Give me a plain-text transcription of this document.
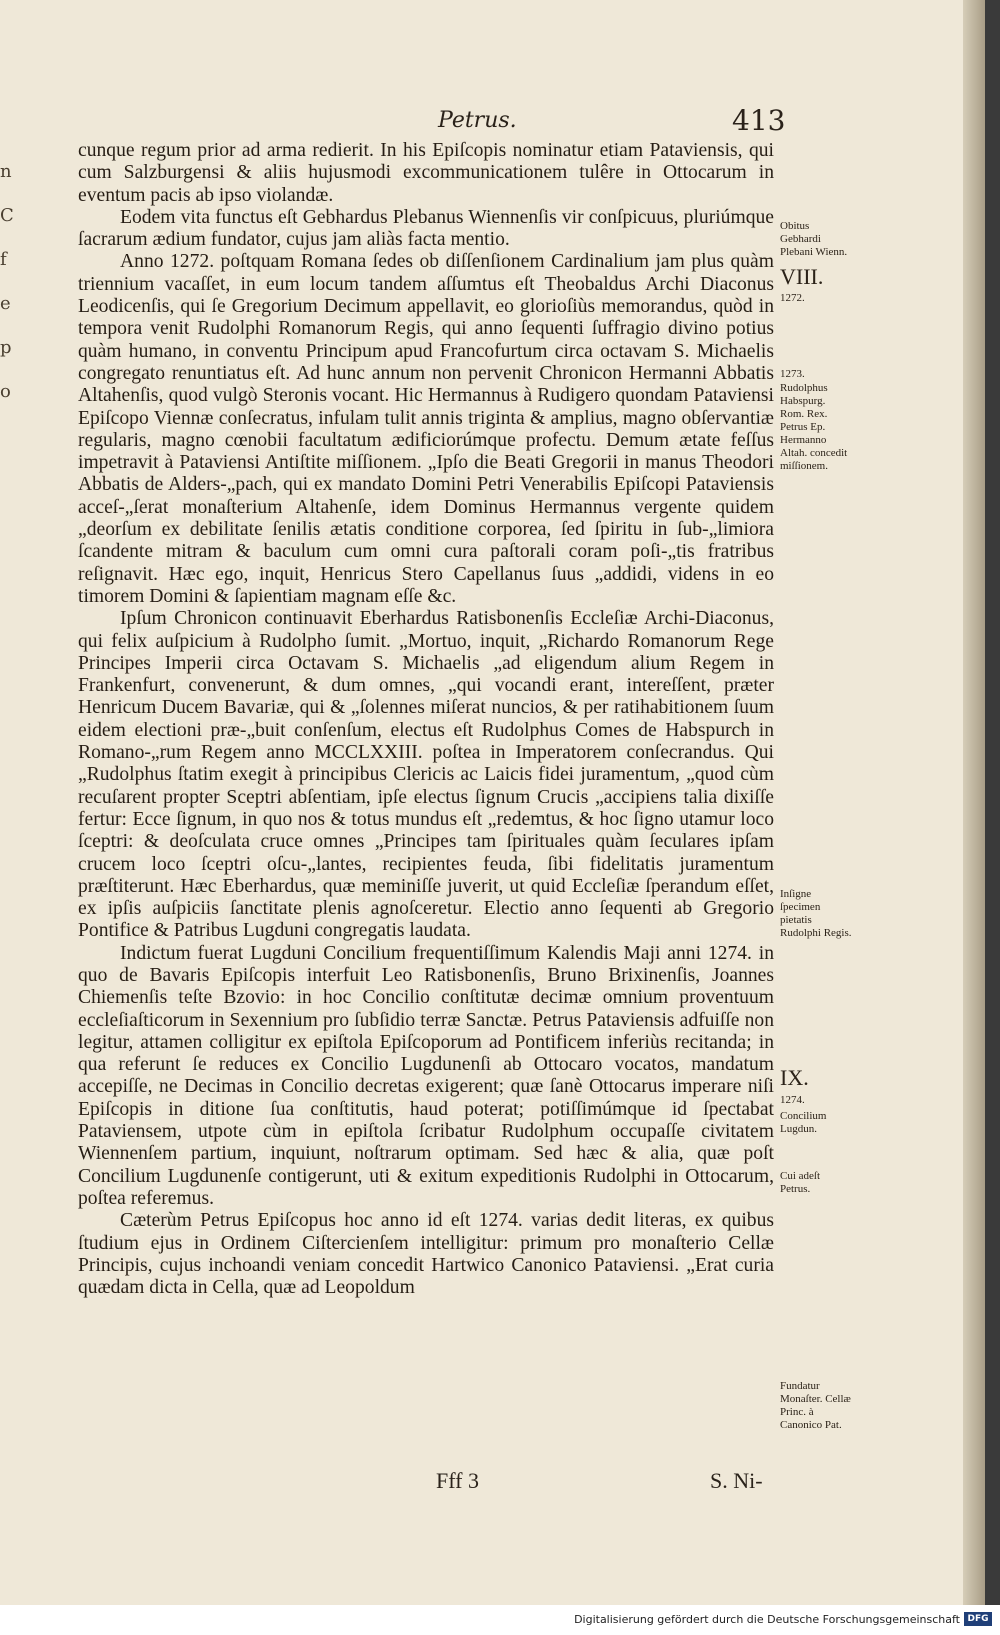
n
C
f
e
p
o
Petrus.	413

cunque regum prior ad arma redierit. In his Epiſcopis nominatur etiam Pataviensis, qui cum Salzburgensi & aliis hujusmodi excommunicationem tulêre in Ottocarum in eventum pacis ab ipso violandæ.

Eodem vita functus eſt Gebhardus Plebanus Wiennenſis vir conſpicuus, pluriúmque ſacrarum ædium fundator, cujus jam aliàs facta mentio.

Anno 1272. poſtquam Romana ſedes ob diſſenſionem Cardinalium jam plus quàm triennium vacaſſet, in eum locum tandem aſſumtus eſt Theobaldus Archi Diaconus Leodicenſis, qui ſe Gregorium Decimum appellavit, eo glorioſiùs memorandus, quòd in tempora venit Rudolphi Romanorum Regis, qui anno ſequenti ſuffragio divino potius quàm humano, in conventu Principum apud Francofurtum circa octavam S. Michaelis congregato renuntiatus eſt. Ad hunc annum non pervenit Chronicon Hermanni Abbatis Altahenſis, quod vulgò Steronis vocant. Hic Hermannus à Rudigero quondam Pataviensi Epiſcopo Viennæ conſecratus, infulam tulit annis triginta & amplius, magno obſervantiæ regularis, magno cœnobii facultatum ædificiorúmque profectu. Demum ætate feſſus impetravit à Pataviensi Antiſtite miſſionem. „Ipſo die Beati Gregorii in manus Theodori Abbatis de Alders-„pach, qui ex mandato Domini Petri Venerabilis Epiſcopi Pataviensis acceſ-„ſerat monaſterium Altahenſe, idem Dominus Hermannus vergente quidem „deorſum ex debilitate ſenilis ætatis conditione corporea, ſed ſpiritu in ſub-„limiora ſcandente mitram & baculum cum omni cura paſtorali coram poſi-„tis fratribus reſignavit. Hæc ego, inquit, Henricus Stero Capellanus ſuus „addidi, videns in eo timorem Domini & ſapientiam magnam eſſe &c.

Ipſum Chronicon continuavit Eberhardus Ratisbonenſis Eccleſiæ Archi-Diaconus, qui felix auſpicium à Rudolpho ſumit. „Mortuo, inquit, „Richardo Romanorum Rege Principes Imperii circa Octavam S. Michaelis „ad eligendum alium Regem in Frankenfurt, convenerunt, & dum omnes, „qui vocandi erant, intereſſent, præter Henricum Ducem Bavariæ, qui & „ſolennes miſerat nuncios, & per ratihabitionem ſuum eidem electioni præ-„buit conſenſum, electus eſt Rudolphus Comes de Habspurch in Romano-„rum Regem anno MCCLXXIII. poſtea in Imperatorem conſecrandus. Qui „Rudolphus ſtatim exegit à principibus Clericis ac Laicis fidei juramentum, „quod cùm recuſarent propter Sceptri abſentiam, ipſe electus ſignum Crucis „accipiens talia dixiſſe fertur: Ecce ſignum, in quo nos & totus mundus eſt „redemtus, & hoc ſigno utamur loco ſceptri: & deoſculata cruce omnes „Principes tam ſpirituales quàm ſeculares ipſam crucem loco ſceptri oſcu-„lantes, recipientes feuda, ſibi fidelitatis juramentum præſtiterunt. Hæc Eberhardus, quæ meminiſſe juverit, ut quid Eccleſiæ ſperandum eſſet, ex ipſis auſpiciis ſanctitate plenis agnoſceretur. Electio anno ſequenti ab Gregorio Pontifice & Patribus Lugduni congregatis laudata.

Indictum fuerat Lugduni Concilium frequentiſſimum Kalendis Maji anni 1274. in quo de Bavaris Epiſcopis interfuit Leo Ratisbonenſis, Bruno Brixinenſis, Joannes Chiemenſis teſte Bzovio: in hoc Concilio conſtitutæ decimæ omnium proventuum eccleſiaſticorum in Sexennium pro ſubſidio terræ Sanctæ. Petrus Pataviensis adfuiſſe non legitur, attamen colligitur ex epiſtola Epiſcoporum ad Pontificem inferiùs recitanda; in qua referunt ſe reduces ex Concilio Lugdunenſi ab Ottocaro vocatos, mandatum accepiſſe, ne Decimas in Concilio decretas exigerent; quæ ſanè Ottocarus imperare niſi Epiſcopis in ditione ſua conſtitutis, haud poterat; potiſſimúmque id ſpectabat Pataviensem, utpote cùm in epiſtola ſcribatur Rudolphum occupaſſe civitatem Wiennenſem partium, inquiunt, noſtrarum optimam. Sed hæc & alia, quæ poſt Concilium Lugdunenſe contigerunt, uti & exitum expeditionis Rudolphi in Ottocarum, poſtea referemus.

Cæterùm Petrus Epiſcopus hoc anno id eſt 1274. varias dedit literas, ex quibus ſtudium ejus in Ordinem Ciſtercienſem intelligitur: primum pro monaſterio Cellæ Principis, cujus inchoandi veniam concedit Hartwico Canonico Pataviensi. „Erat curia quædam dicta in Cella, quæ ad Leopoldum

Obitus Gebhardi Plebani Wienn.
VIII.
1272.
1273.
Rudolphus Habspurg. Rom. Rex. Petrus Ep. Hermanno Altah. concedit miſſionem.
Inſigne ſpecimen pietatis Rudolphi Regis.
IX.
1274.
Concilium Lugdun.
Cui adeſt Petrus.
Fundatur Monaſter. Cellæ Princ. à Canonico Pat.
Fff 3	S. Ni-
Digitalisierung gefördert durch die Deutsche Forschungsgemeinschaft DFG
